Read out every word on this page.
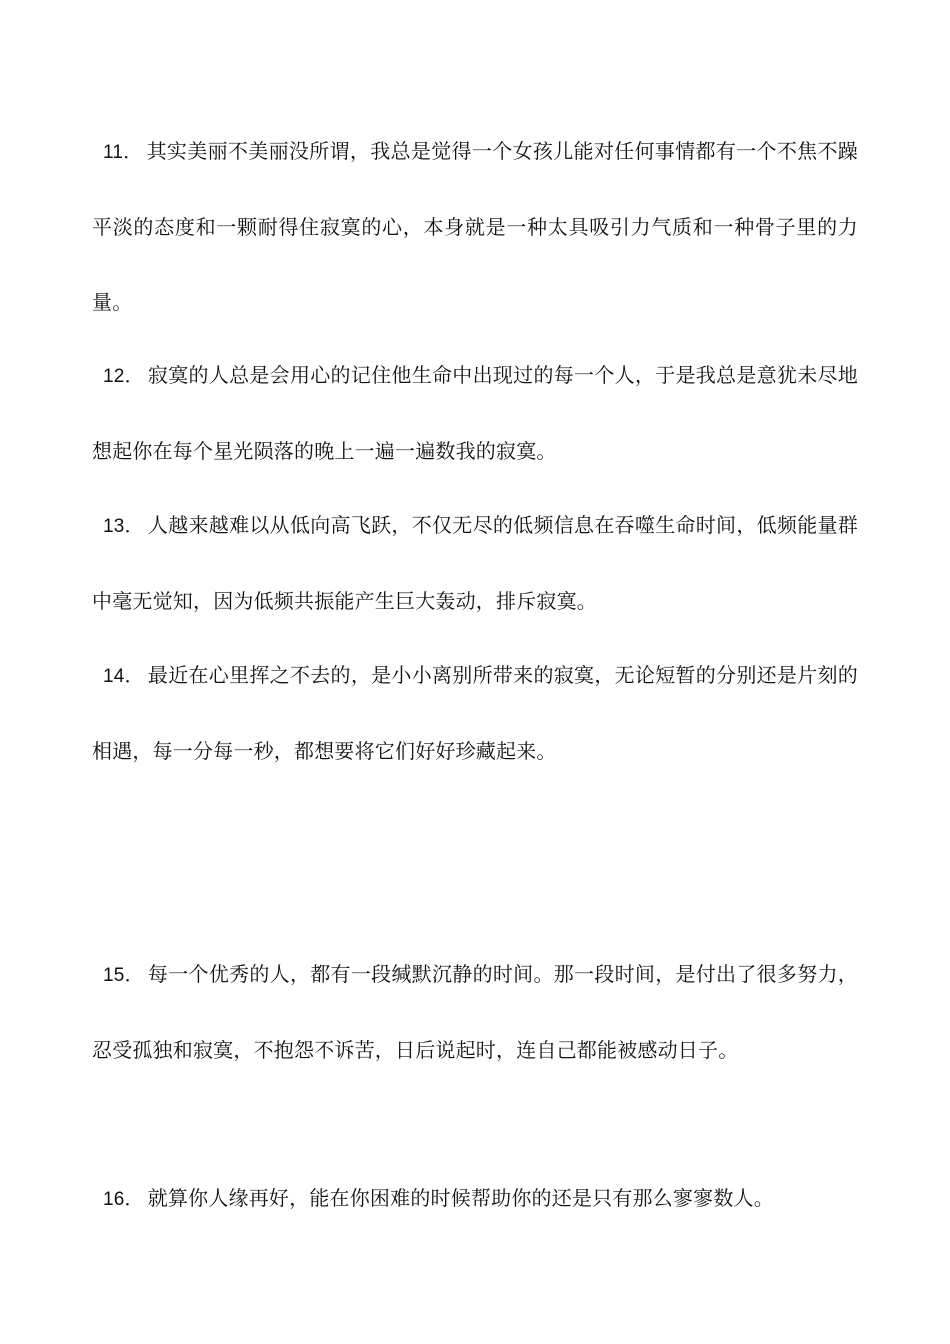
11． 其实美丽不美丽没所谓，我总是觉得一个女孩儿能对任何事情都有一个不焦不躁平淡的态度和一颗耐得住寂寞的心，本身就是一种太具吸引力气质和一种骨子里的力量。

12． 寂寞的人总是会用心的记住他生命中出现过的每一个人，于是我总是意犹未尽地想起你在每个星光陨落的晚上一遍一遍数我的寂寞。

13． 人越来越难以从低向高飞跃，不仅无尽的低频信息在吞噬生命时间，低频能量群中毫无觉知，因为低频共振能产生巨大轰动，排斥寂寞。

14． 最近在心里挥之不去的，是小小离别所带来的寂寞，无论短暂的分别还是片刻的相遇，每一分每一秒，都想要将它们好好珍藏起来。

15． 每一个优秀的人，都有一段缄默沉静的时间。那一段时间，是付出了很多努力，忍受孤独和寂寞，不抱怨不诉苦，日后说起时，连自己都能被感动日子。

16． 就算你人缘再好，能在你困难的时候帮助你的还是只有那么寥寥数人。
